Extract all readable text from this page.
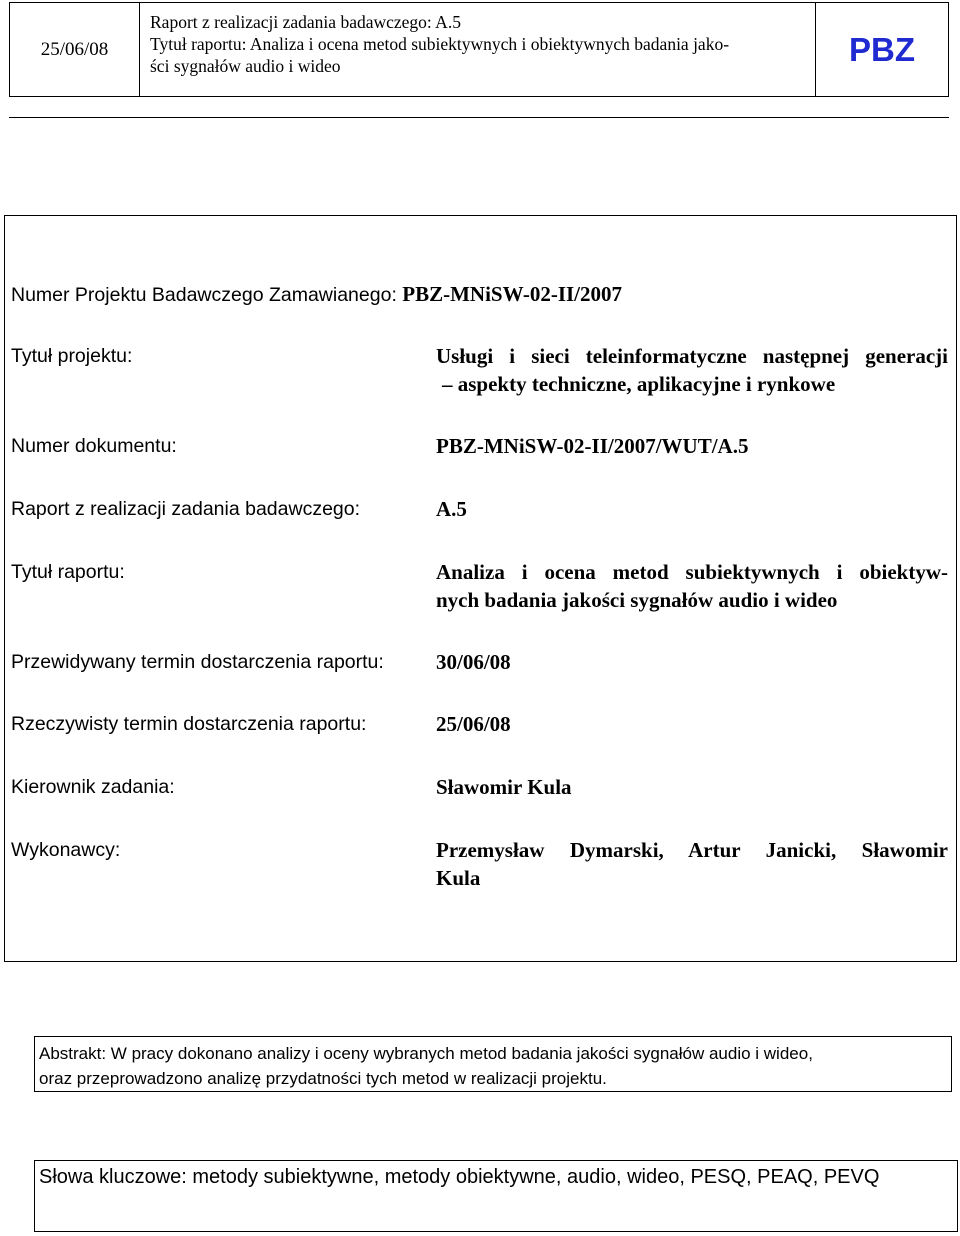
25/06/08
Raport z realizacji zadania badawczego: A.5
Tytuł raportu: Analiza i ocena metod subiektywnych i obiektywnych badania jako-
ści sygnałów audio i wideo	PBZ
Numer Projektu Badawczego Zamawianego: PBZ-MNiSW-02-II/2007
Tytuł projektu:	Usługi i sieci teleinformatyczne następnej generacji
– aspekty techniczne, aplikacyjne i rynkowe
Numer dokumentu:	PBZ-MNiSW-02-II/2007/WUT/A.5
Raport z realizacji zadania badawczego:	A.5
Tytuł raportu:	Analiza i ocena metod subiektywnych i obiektyw-
nych badania jakości sygnałów audio i wideo
Przewidywany termin dostarczenia raportu: 30/06/08
Rzeczywisty termin dostarczenia raportu:	25/06/08
Kierownik zadania:	Sławomir Kula
Wykonawcy:	Przemysław Dymarski, Artur Janicki, Sławomir
Kula
Abstrakt: W pracy dokonano analizy i oceny wybranych metod badania jakości sygnałów audio i wideo,
oraz przeprowadzono analizę przydatności tych metod w realizacji projektu.
Słowa kluczowe: metody subiektywne, metody obiektywne, audio, wideo, PESQ, PEAQ, PEVQ
